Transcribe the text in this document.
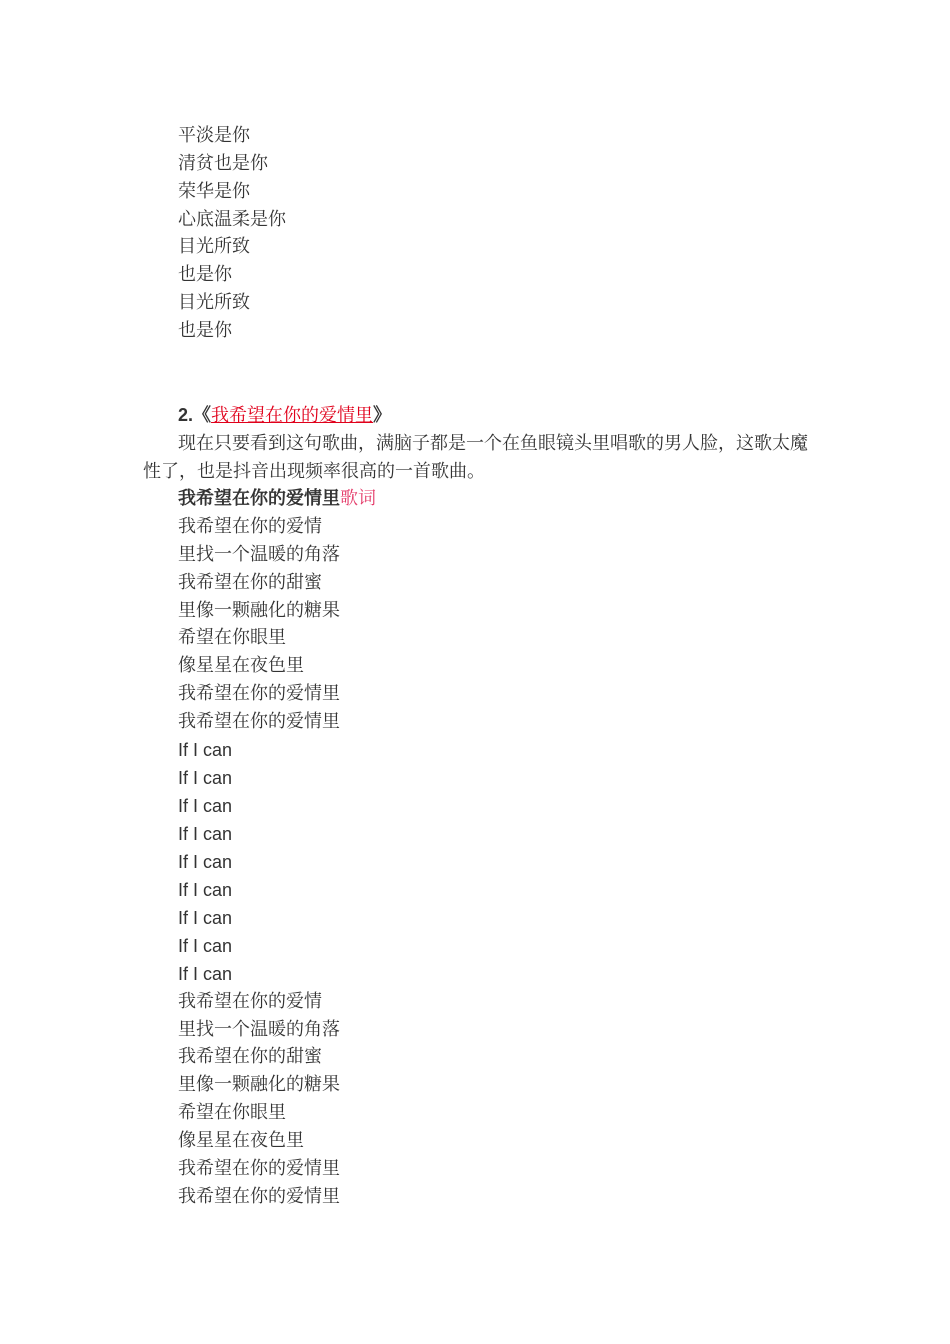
平淡是你
清贫也是你
荣华是你
心底温柔是你
目光所致
也是你
目光所致
也是你
2.《我希望在你的爱情里》
现在只要看到这句歌曲，满脑子都是一个在鱼眼镜头里唱歌的男人脸，这歌太魔性了，也是抖音出现频率很高的一首歌曲。
我希望在你的爱情里歌词
我希望在你的爱情
里找一个温暖的角落
我希望在你的甜蜜
里像一颗融化的糖果
希望在你眼里
像星星在夜色里
我希望在你的爱情里
我希望在你的爱情里
If I can
If I can
If I can
If I can
If I can
If I can
If I can
If I can
If I can
我希望在你的爱情
里找一个温暖的角落
我希望在你的甜蜜
里像一颗融化的糖果
希望在你眼里
像星星在夜色里
我希望在你的爱情里
我希望在你的爱情里
